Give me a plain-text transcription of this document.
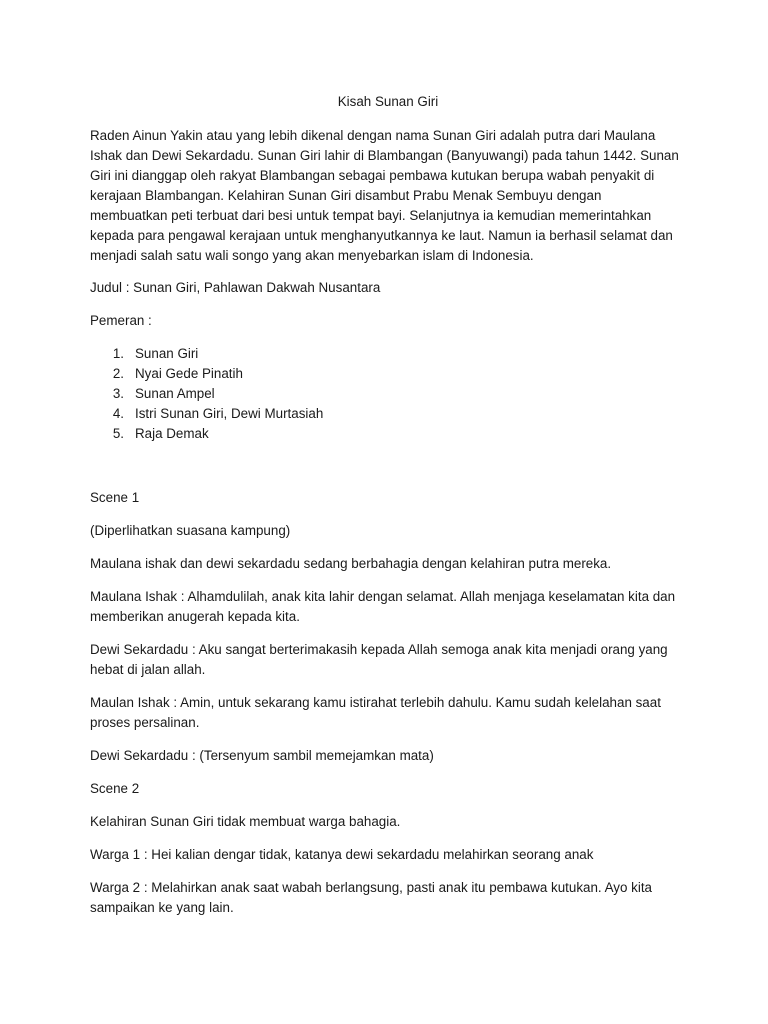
Kisah Sunan Giri

Raden Ainun Yakin atau yang lebih dikenal dengan nama Sunan Giri adalah putra dari Maulana Ishak dan Dewi Sekardadu. Sunan Giri lahir di Blambangan (Banyuwangi) pada tahun 1442. Sunan Giri ini dianggap oleh rakyat Blambangan sebagai pembawa kutukan berupa wabah penyakit di kerajaan Blambangan. Kelahiran Sunan Giri disambut Prabu Menak Sembuyu dengan membuatkan peti terbuat dari besi untuk tempat bayi. Selanjutnya ia kemudian memerintahkan kepada para pengawal kerajaan untuk menghanyutkannya ke laut. Namun ia berhasil selamat dan menjadi salah satu wali songo yang akan menyebarkan islam di Indonesia.

Judul : Sunan Giri, Pahlawan Dakwah Nusantara

Pemeran :

1. Sunan Giri
2. Nyai Gede Pinatih
3. Sunan Ampel
4. Istri Sunan Giri, Dewi Murtasiah
5. Raja Demak

Scene 1

(Diperlihatkan suasana kampung)

Maulana ishak dan dewi sekardadu sedang berbahagia dengan kelahiran putra mereka.

Maulana Ishak : Alhamdulilah, anak kita lahir dengan selamat. Allah menjaga keselamatan kita dan memberikan anugerah kepada kita.

Dewi Sekardadu : Aku sangat berterimakasih kepada Allah semoga anak kita menjadi orang yang hebat di jalan allah.

Maulan Ishak : Amin, untuk sekarang kamu istirahat terlebih dahulu. Kamu sudah kelelahan saat proses persalinan.

Dewi Sekardadu : (Tersenyum sambil memejamkan mata)

Scene 2

Kelahiran Sunan Giri tidak membuat warga bahagia.

Warga 1 : Hei kalian dengar tidak, katanya dewi sekardadu melahirkan seorang anak

Warga 2 : Melahirkan anak saat wabah berlangsung, pasti anak itu pembawa kutukan. Ayo kita sampaikan ke yang lain.
